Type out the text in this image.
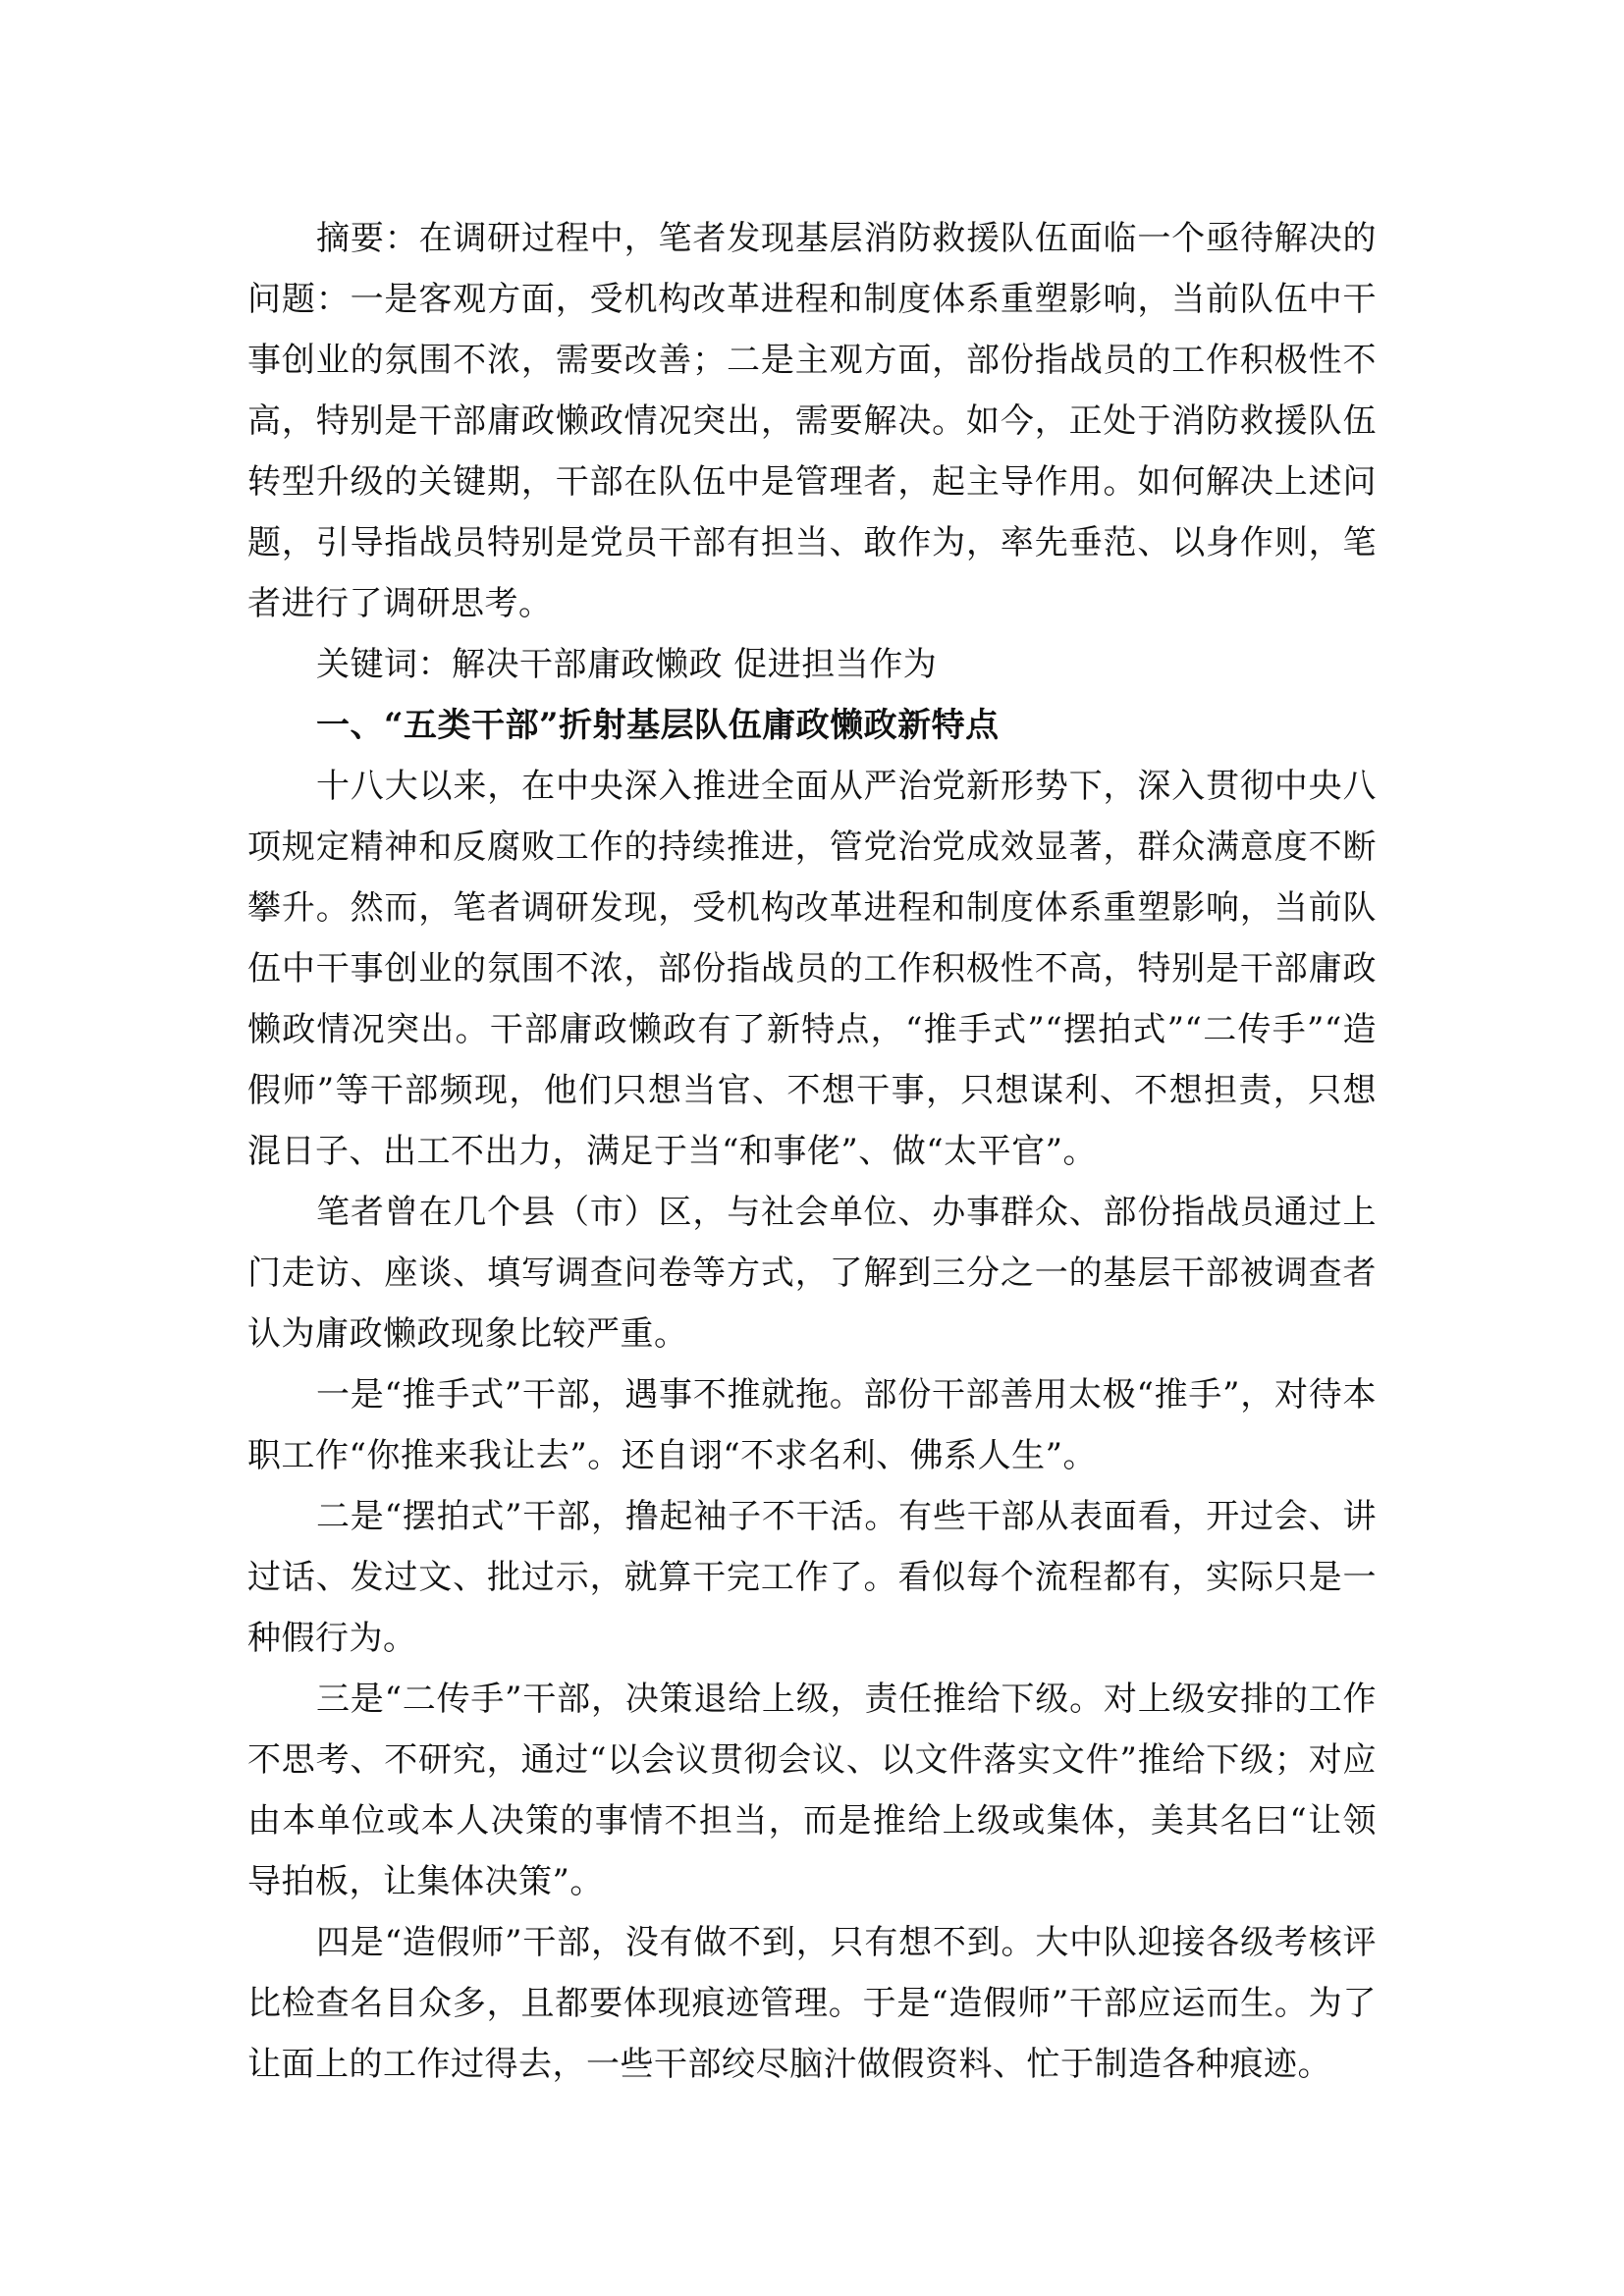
摘要：在调研过程中，笔者发现基层消防救援队伍面临一个亟待解决的问题：一是客观方面，受机构改革进程和制度体系重塑影响，当前队伍中干事创业的氛围不浓，需要改善；二是主观方面，部份指战员的工作积极性不高，特别是干部庸政懒政情况突出，需要解决。如今，正处于消防救援队伍转型升级的关键期，干部在队伍中是管理者，起主导作用。如何解决上述问题，引导指战员特别是党员干部有担当、敢作为，率先垂范、以身作则，笔者进行了调研思考。

关键词：解决干部庸政懒政 促进担当作为

一、“五类干部”折射基层队伍庸政懒政新特点

十八大以来，在中央深入推进全面从严治党新形势下，深入贯彻中央八项规定精神和反腐败工作的持续推进，管党治党成效显著，群众满意度不断攀升。然而，笔者调研发现，受机构改革进程和制度体系重塑影响，当前队伍中干事创业的氛围不浓，部份指战员的工作积极性不高，特别是干部庸政懒政情况突出。干部庸政懒政有了新特点，“推手式”“摆拍式”“二传手”“造假师”等干部频现，他们只想当官、不想干事，只想谋利、不想担责，只想混日子、出工不出力，满足于当“和事佬”、做“太平官”。

笔者曾在几个县（市）区，与社会单位、办事群众、部份指战员通过上门走访、座谈、填写调查问卷等方式，了解到三分之一的基层干部被调查者认为庸政懒政现象比较严重。

一是“推手式”干部，遇事不推就拖。部份干部善用太极“推手”，对待本职工作“你推来我让去”。还自诩“不求名利、佛系人生”。

二是“摆拍式”干部，撸起袖子不干活。有些干部从表面看，开过会、讲过话、发过文、批过示，就算干完工作了。看似每个流程都有，实际只是一种假行为。

三是“二传手”干部，决策退给上级，责任推给下级。对上级安排的工作不思考、不研究，通过“以会议贯彻会议、以文件落实文件”推给下级；对应由本单位或本人决策的事情不担当，而是推给上级或集体，美其名曰“让领导拍板，让集体决策”。

四是“造假师”干部，没有做不到，只有想不到。大中队迎接各级考核评比检查名目众多，且都要体现痕迹管理。于是“造假师”干部应运而生。为了让面上的工作过得去，一些干部绞尽脑汁做假资料、忙于制造各种痕迹。
